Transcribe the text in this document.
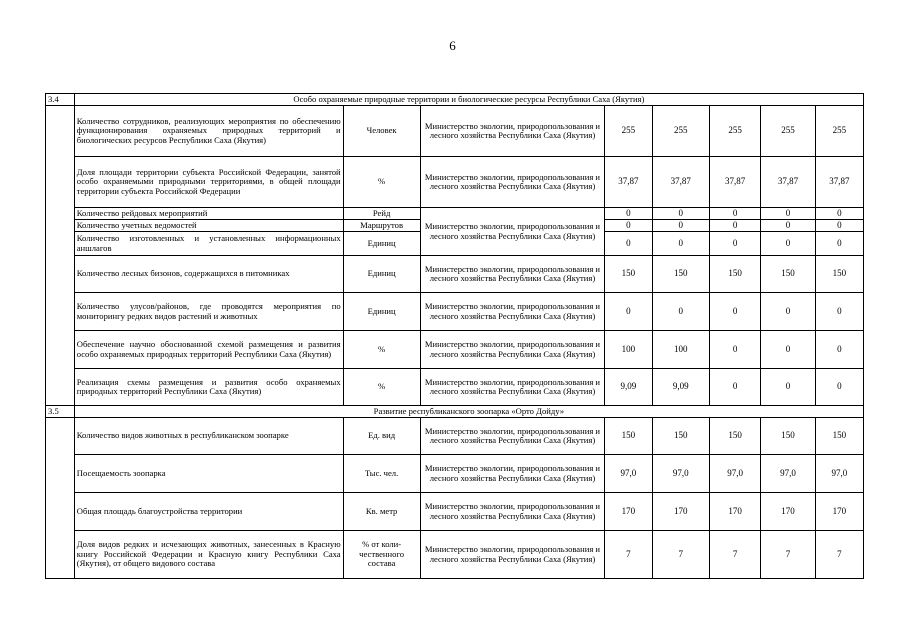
6
3.4	Особо охраняемые природные территории и биологические ресурсы Республики Саха (Якутия)							
	Количество сотрудников, реализующих мероприятия по обеспечению функционирования охраняемых природных территорий и биологических ресурсов Республики Саха (Якутия)	Человек	Министерство экологии, природопользования и лесного хозяйства Республики Саха (Якутия)	255	255	255	255	255
	Доля площади территории субъекта Российской Федерации, занятой особо охраняемыми природными территориями, в общей площади территории субъекта Российской Федерации	%	Министерство экологии, природопользования и лесного хозяйства Республики Саха (Якутия)	37,87	37,87	37,87	37,87	37,87
	Количество рейдовых мероприятий	Рейд	Министерство экологии, природопользования и лесного хозяйства Республики Саха (Якутия)	0	0	0	0	0
	Количество учетных ведомостей	Маршрутов		0	0	0	0	0
	Количество изготовленных и установленных информационных аншлагов	Единиц		0	0	0	0	0
	Количество лесных бизонов, содержащихся в питомниках	Единиц	Министерство экологии, природопользования и лесного хозяйства Республики Саха (Якутия)	150	150	150	150	150
	Количество улусов/районов, где проводятся мероприятия по мониторингу редких видов растений и животных	Единиц	Министерство экологии, природопользования и лесного хозяйства Республики Саха (Якутия)	0	0	0	0	0
	Обеспечение научно обоснованной схемой размещения и развития особо охраняемых природных территорий Республики Саха (Якутия)	%	Министерство экологии, природопользования и лесного хозяйства Республики Саха (Якутия)	100	100	0	0	0
	Реализация схемы размещения и развития особо охраняемых природных территорий Республики Саха (Якутия)	%	Министерство экологии, природопользования и лесного хозяйства Республики Саха (Якутия)	9,09	9,09	0	0	0
3.5	Развитие республиканского зоопарка «Орто Дойду»							
	Количество видов животных в республиканском зоопарке	Ед. вид	Министерство экологии, природопользования и лесного хозяйства Республики Саха (Якутия)	150	150	150	150	150
	Посещаемость зоопарка	Тыс. чел.	Министерство экологии, природопользования и лесного хозяйства Республики Саха (Якутия)	97,0	97,0	97,0	97,0	97,0
	Общая площадь благоустройства территории	Кв. метр	Министерство экологии, природопользования и лесного хозяйства Республики Саха (Якутия)	170	170	170	170	170
	Доля видов редких и исчезающих животных, занесенных в Красную книгу Российской Федерации и Красную книгу Республики Саха (Якутия), от общего видового состава	% от коли-чественного состава	Министерство экологии, природопользования и лесного хозяйства Республики Саха (Якутия)	7	7	7	7	7
